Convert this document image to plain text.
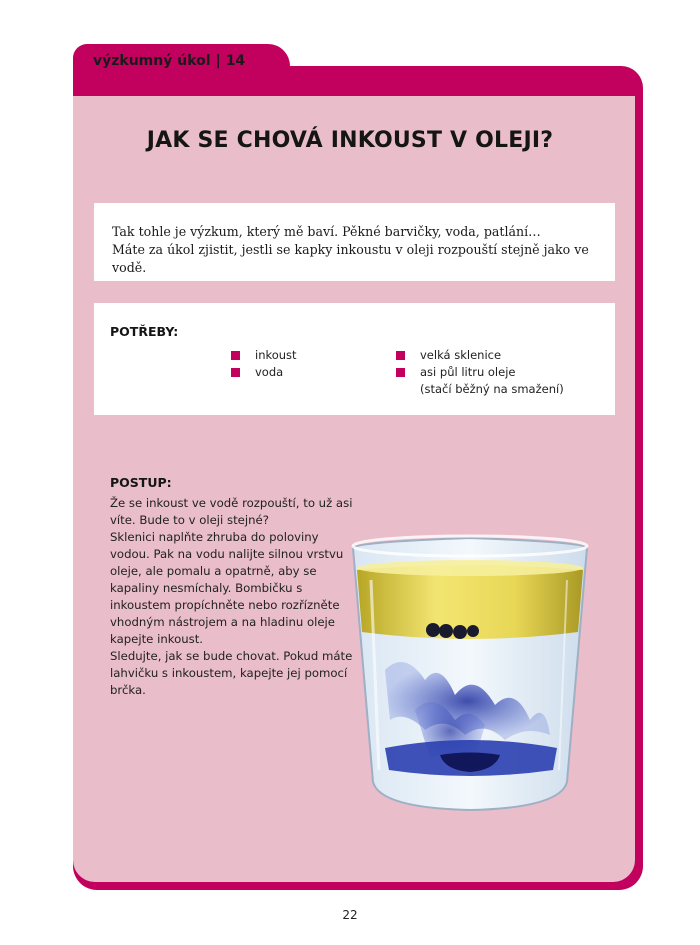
výzkumný úkol | 14
JAK SE CHOVÁ INKOUST V OLEJI?
Tak tohle je výzkum, který mě baví. Pěkné barvičky, voda, patlání…
Máte za úkol zjistit, jestli se kapky inkoustu v oleji rozpouští stejně jako ve vodě.
POTŘEBY:
inkoust
voda
velká sklenice
asi půl litru oleje
(stačí běžný na smažení)
POSTUP:

Že se inkoust ve vodě rozpouští, to už asi víte. Bude to v oleji stejné?

Sklenici naplňte zhruba do poloviny vodou. Pak na vodu nalijte silnou vrstvu oleje, ale pomalu a opatrně, aby se kapaliny nesmíchaly. Bombičku s inkoustem propíchněte nebo rozřízněte vhodným nástrojem a na hladinu oleje kapejte inkoust.

Sledujte, jak se bude chovat. Pokud máte lahvičku s inkoustem, kapejte jej pomocí brčka.

22
